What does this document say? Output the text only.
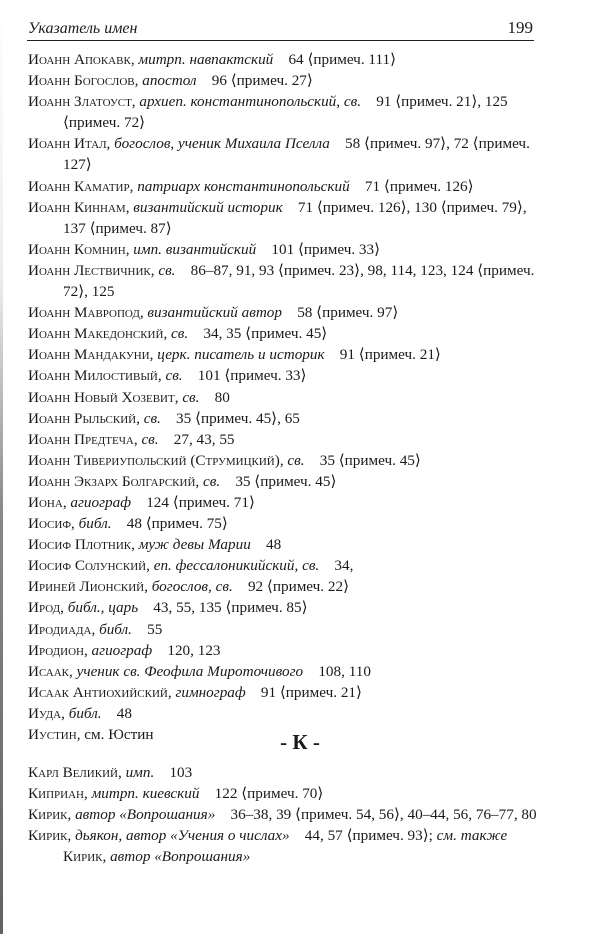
Указатель имен	199
Иоанн Апокавк, митрп. навпактский  64 ⟨примеч. 111⟩
Иоанн Богослов, апостол  96 ⟨примеч. 27⟩
Иоанн Златоуст, архиеп. константинопольский, св.  91 ⟨примеч. 21⟩, 125 ⟨примеч. 72⟩
Иоанн Итал, богослов, ученик Михаила Пселла  58 ⟨примеч. 97⟩, 72 ⟨примеч. 127⟩
Иоанн Каматир, патриарх константинопольский  71 ⟨примеч. 126⟩
Иоанн Киннам, византийский историк  71 ⟨примеч. 126⟩, 130 ⟨примеч. 79⟩, 137 ⟨примеч. 87⟩
Иоанн Комнин, имп. византийский  101 ⟨примеч. 33⟩
Иоанн Лествичник, св.  86–87, 91, 93 ⟨примеч. 23⟩, 98, 114, 123, 124 ⟨примеч. 72⟩, 125
Иоанн Мавропод, византийский автор  58 ⟨примеч. 97⟩
Иоанн Македонский, св.  34, 35 ⟨примеч. 45⟩
Иоанн Мандакуни, церк. писатель и историк  91 ⟨примеч. 21⟩
Иоанн Милостивый, св.  101 ⟨примеч. 33⟩
Иоанн Новый Хозевит, св.  80
Иоанн Рыльский, св.  35 ⟨примеч. 45⟩, 65
Иоанн Предтеча, св.  27, 43, 55
Иоанн Тивериупольский (Струмицкий), св.  35 ⟨примеч. 45⟩
Иоанн Экзарх Болгарский, св.  35 ⟨примеч. 45⟩
Иона, агиограф  124 ⟨примеч. 71⟩
Иосиф, библ.  48 ⟨примеч. 75⟩
Иосиф Плотник, муж девы Марии  48
Иосиф Солунский, еп. фессалоникийский, св.  34,
Ириней Лионский, богослов, св.  92 ⟨примеч. 22⟩
Ирод, библ., царь  43, 55, 135 ⟨примеч. 85⟩
Иродиада, библ.  55
Иродион, агиограф  120, 123
Исаак, ученик св. Феофила Мироточивого  108, 110
Исаак Антиохийский, гимнограф  91 ⟨примеч. 21⟩
Иуда, библ.  48
Иустин, см. Юстин	- К -
Карл Великий, имп.  103
Киприан, митрп. киевский  122 ⟨примеч. 70⟩
Кирик, автор «Вопрошания»  36–38, 39 ⟨примеч. 54, 56⟩, 40–44, 56, 76–77, 80
Кирик, дьякон, автор «Учения о числах»  44, 57 ⟨примеч. 93⟩; см. также Кирик, автор «Вопрошания»
